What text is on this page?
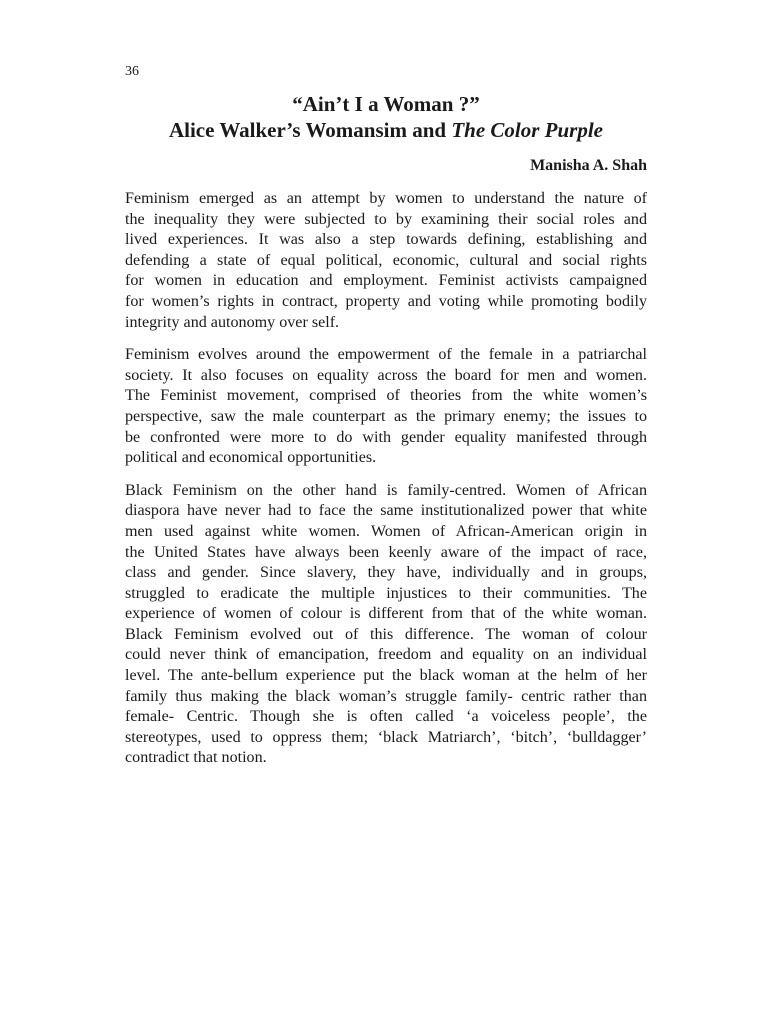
36
“Ain’t I a Woman ?”
Alice Walker’s Womansim and The Color Purple
Manisha A. Shah

Feminism emerged as an attempt by women to understand the nature of
the inequality they were subjected to by examining their social roles and
lived experiences. It was also a step towards defining, establishing and
defending a state of equal political, economic, cultural and social rights
for women in education and employment. Feminist activists campaigned
for women’s rights in contract, property and voting while promoting bodily
integrity and autonomy over self.

Feminism evolves around the empowerment of the female in a patriarchal
society. It also focuses on equality across the board for men and women.
The Feminist movement, comprised of theories from the white women’s
perspective, saw the male counterpart as the primary enemy; the issues to
be confronted were more to do with gender equality manifested through
political and economical opportunities.

Black Feminism on the other hand is family-centred. Women of African
diaspora have never had to face the same institutionalized power that white
men used against white women. Women of African-American origin in
the United States have always been keenly aware of the impact of race,
class and gender. Since slavery, they have, individually and in groups,
struggled to eradicate the multiple injustices to their communities. The
experience of women of colour is different from that of the white woman.
Black Feminism evolved out of this difference. The woman of colour
could never think of emancipation, freedom and equality on an individual
level. The ante-bellum experience put the black woman at the helm of her
family thus making the black woman’s struggle family- centric rather than
female- Centric. Though she is often called ‘a voiceless people’, the
stereotypes, used to oppress them; ‘black Matriarch’, ‘bitch’, ‘bulldagger’
contradict that notion.
